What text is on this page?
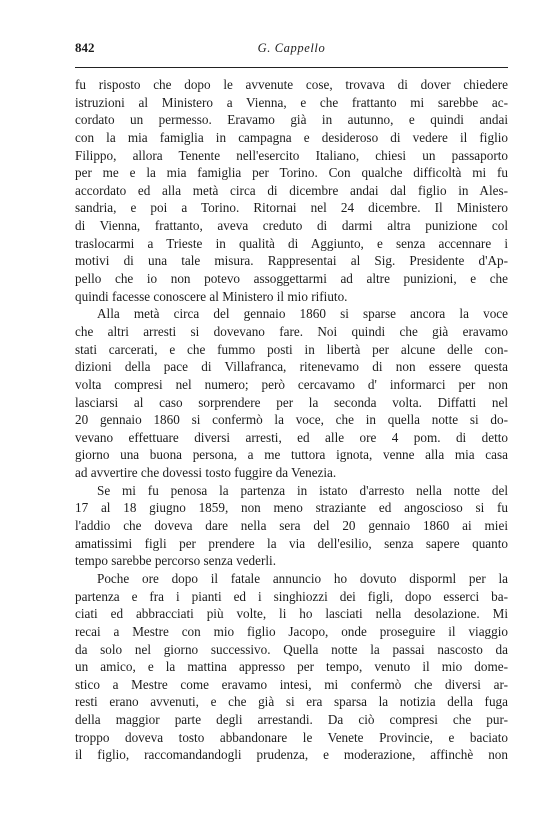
842	G. Cappello
fu risposto che dopo le avvenute cose, trovava di dover chiedere
istruzioni al Ministero a Vienna, e che frattanto mi sarebbe ac-
cordato un permesso. Eravamo già in autunno, e quindi andai
con la mia famiglia in campagna e desideroso di vedere il figlio
Filippo, allora Tenente nell'esercito Italiano, chiesi un passaporto
per me e la mia famiglia per Torino. Con qualche difficoltà mi fu
accordato ed alla metà circa di dicembre andai dal figlio in Ales-
sandria, e poi a Torino. Ritornai nel 24 dicembre. Il Ministero
di Vienna, frattanto, aveva creduto di darmi altra punizione col
traslocarmi a Trieste in qualità di Aggiunto, e senza accennare i
motivi di una tale misura. Rappresentai al Sig. Presidente d'Ap-
pello che io non potevo assoggettarmi ad altre punizioni, e che
quindi facesse conoscere al Ministero il mio rifiuto.
Alla metà circa del gennaio 1860 si sparse ancora la voce
che altri arresti si dovevano fare. Noi quindi che già eravamo
stati carcerati, e che fummo posti in libertà per alcune delle con-
dizioni della pace di Villafranca, ritenevamo di non essere questa
volta compresi nel numero; però cercavamo d' informarci per non
lasciarsi al caso sorprendere per la seconda volta. Diffatti nel
20 gennaio 1860 si confermò la voce, che in quella notte si do-
vevano effettuare diversi arresti, ed alle ore 4 pom. di detto
giorno una buona persona, a me tuttora ignota, venne alla mia casa
ad avvertire che dovessi tosto fuggire da Venezia.
Se mi fu penosa la partenza in istato d'arresto nella notte del
17 al 18 giugno 1859, non meno straziante ed angoscioso si fu
l'addio che doveva dare nella sera del 20 gennaio 1860 ai miei
amatissimi figli per prendere la via dell'esilio, senza sapere quanto
tempo sarebbe percorso senza vederli.
Poche ore dopo il fatale annuncio ho dovuto disporml per la
partenza e fra i pianti ed i singhiozzi dei figli, dopo esserci ba-
ciati ed abbracciati più volte, li ho lasciati nella desolazione. Mi
recai a Mestre con mio figlio Jacopo, onde proseguire il viaggio
da solo nel giorno successivo. Quella notte la passai nascosto da
un amico, e la mattina appresso per tempo, venuto il mio dome-
stico a Mestre come eravamo intesi, mi confermò che diversi ar-
resti erano avvenuti, e che già si era sparsa la notizia della fuga
della maggior parte degli arrestandi. Da ciò compresi che pur-
troppo doveva tosto abbandonare le Venete Provincie, e baciato
il figlio, raccomandandogli prudenza, e moderazione, affinchè non
